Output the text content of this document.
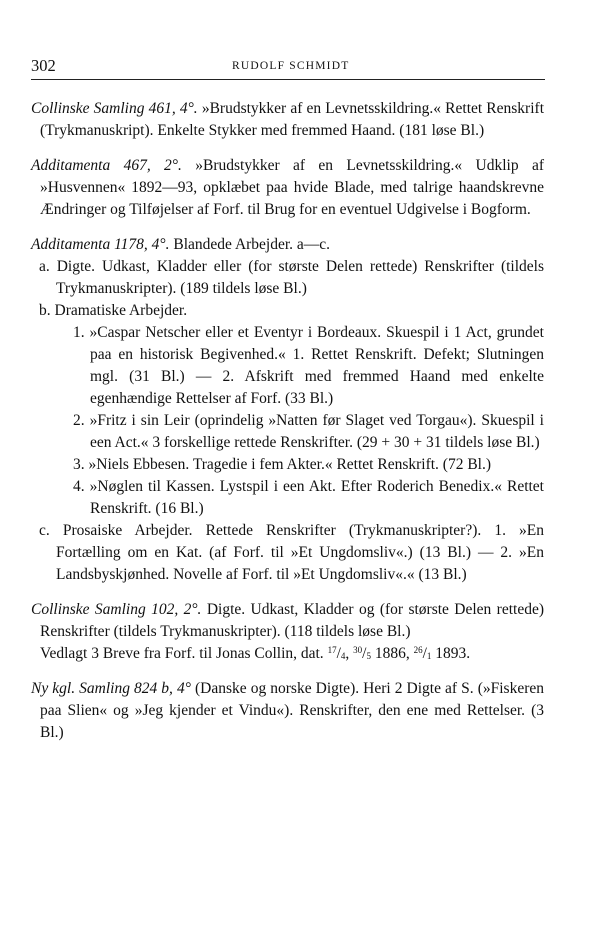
302	RUDOLF SCHMIDT
Collinske Samling 461, 4°. »Brudstykker af en Levnetsskildring.« Rettet Renskrift (Trykmanuskript). Enkelte Stykker med fremmed Haand. (181 løse Bl.)
Additamenta 467, 2°. »Brudstykker af en Levnetsskildring.« Udklip af »Husvennen« 1892—93, opklæbet paa hvide Blade, med talrige haandskrevne Ændringer og Tilføjelser af Forf. til Brug for en eventuel Udgivelse i Bogform.
Additamenta 1178, 4°. Blandede Arbejder. a—c.
a. Digte. Udkast, Kladder eller (for største Delen rettede) Renskrifter (tildels Trykmanuskripter). (189 tildels løse Bl.)
b. Dramatiske Arbejder.
1. »Caspar Netscher eller et Eventyr i Bordeaux. Skuespil i 1 Act, grundet paa en historisk Begivenhed.« 1. Rettet Renskrift. Defekt; Slutningen mgl. (31 Bl.) — 2. Afskrift med fremmed Haand med enkelte egenhændige Rettelser af Forf. (33 Bl.)
2. »Fritz i sin Leir (oprindelig »Natten før Slaget ved Torgau«). Skuespil i een Act.« 3 forskellige rettede Renskrifter. (29 + 30 + 31 tildels løse Bl.)
3. »Niels Ebbesen. Tragedie i fem Akter.« Rettet Renskrift. (72 Bl.)
4. »Nøglen til Kassen. Lystspil i een Akt. Efter Roderich Benedix.« Rettet Renskrift. (16 Bl.)
c. Prosaiske Arbejder. Rettede Renskrifter (Trykmanuskripter?). 1. »En Fortælling om en Kat. (af Forf. til »Et Ungdomsliv«.) (13 Bl.) — 2. »En Landsbyskjønhed. Novelle af Forf. til »Et Ungdomsliv«.« (13 Bl.)
Collinske Samling 102, 2°. Digte. Udkast, Kladder og (for største Delen rettede) Renskrifter (tildels Trykmanuskripter). (118 tildels løse Bl.)
Vedlagt 3 Breve fra Forf. til Jonas Collin, dat. $^{17}/_4$, $^{30}/_5$ 1886, $^{26}/_1$ 1893.
Ny kgl. Samling 824 b, 4° (Danske og norske Digte). Heri 2 Digte af S. (»Fiskeren paa Slien« og »Jeg kjender et Vindu«). Renskrifter, den ene med Rettelser. (3 Bl.)
